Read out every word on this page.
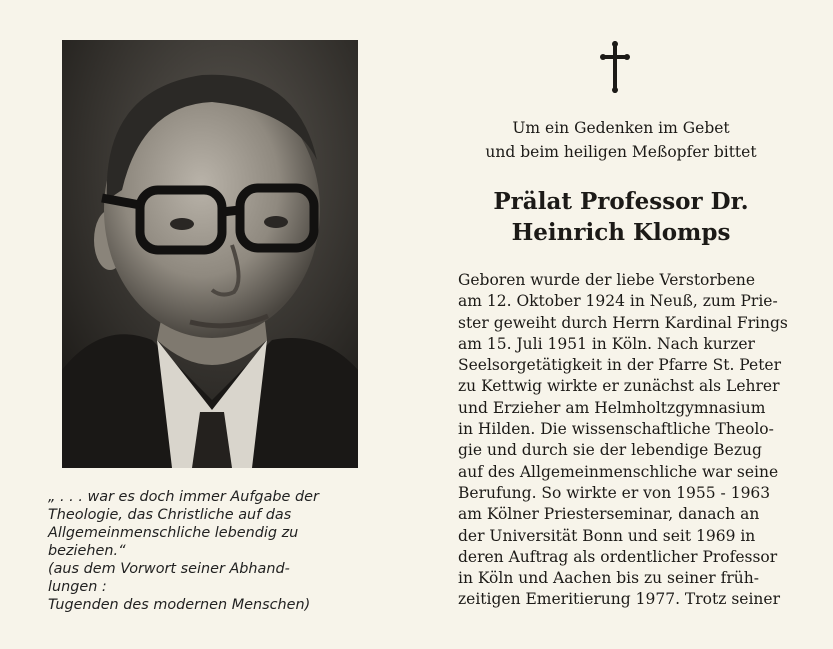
„ . . . war es doch immer Aufgabe der
Theologie, das Christliche auf das
Allgemeinmenschliche lebendig zu
beziehen.“
(aus dem Vorwort seiner Abhand-
lungen :
Tugenden des modernen Menschen)
Um ein Gedenken im Gebet
und beim heiligen Meßopfer bittet
Prälat Professor Dr.
Heinrich Klomps
Geboren wurde der liebe Verstorbene
am 12. Oktober 1924 in Neuß, zum Prie-
ster geweiht durch Herrn Kardinal Frings
am 15. Juli 1951 in Köln. Nach kurzer
Seelsorgetätigkeit in der Pfarre St. Peter
zu Kettwig wirkte er zunächst als Lehrer
und Erzieher am Helmholtzgymnasium
in Hilden. Die wissenschaftliche Theolo-
gie und durch sie der lebendige Bezug
auf des Allgemeinmenschliche war seine
Berufung. So wirkte er von 1955 - 1963
am Kölner Priesterseminar, danach an
der Universität Bonn und seit 1969 in
deren Auftrag als ordentlicher Professor
in Köln und Aachen bis zu seiner früh-
zeitigen Emeritierung 1977. Trotz seiner
